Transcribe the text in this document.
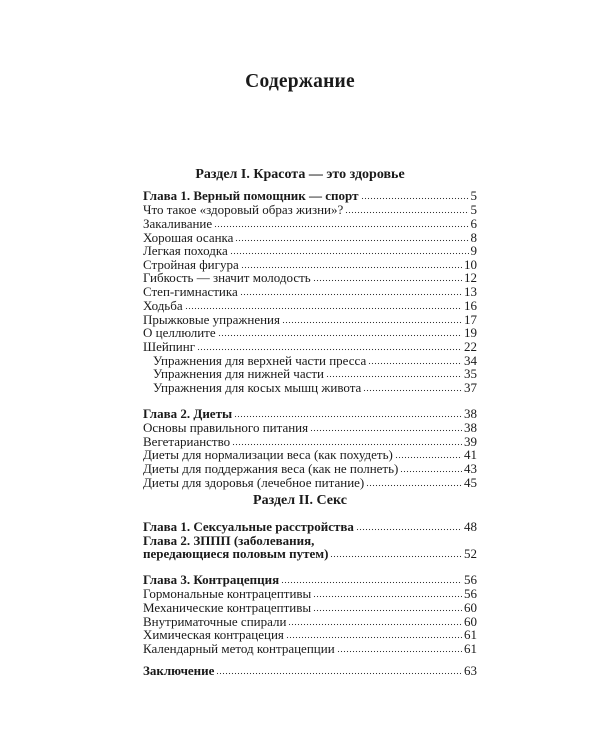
Содержание
Раздел I. Красота — это здоровье
Глава 1. Верный помощник — спорт	5
Что такое «здоровый образ жизни»?	5
Закаливание	6
Хорошая осанка	8
Легкая походка	9
Стройная фигура	10
Гибкость — значит молодость	12
Степ-гимнастика	13
Ходьба	16
Прыжковые упражнения	17
О целлюлите	19
Шейпинг	22
Упражнения для верхней части пресса	34
Упражнения для нижней части	35
Упражнения для косых мышц живота	37
Глава 2. Диеты	38
Основы правильного питания	38
Вегетарианство	39
Диеты для нормализации веса (как похудеть)	41
Диеты для поддержания веса (как не полнеть)	43
Диеты для здоровья (лечебное питание)	45
Раздел II. Секс
Глава 1. Сексуальные расстройства	48
Глава 2. ЗППП (заболевания,
передающиеся половым путем)	52
Глава 3. Контрацепция	56
Гормональные контрацептивы	56
Механические контрацептивы	60
Внутриматочные спирали	60
Химическая контрацеция	61
Календарный метод контрацепции	61
Заключение	63
